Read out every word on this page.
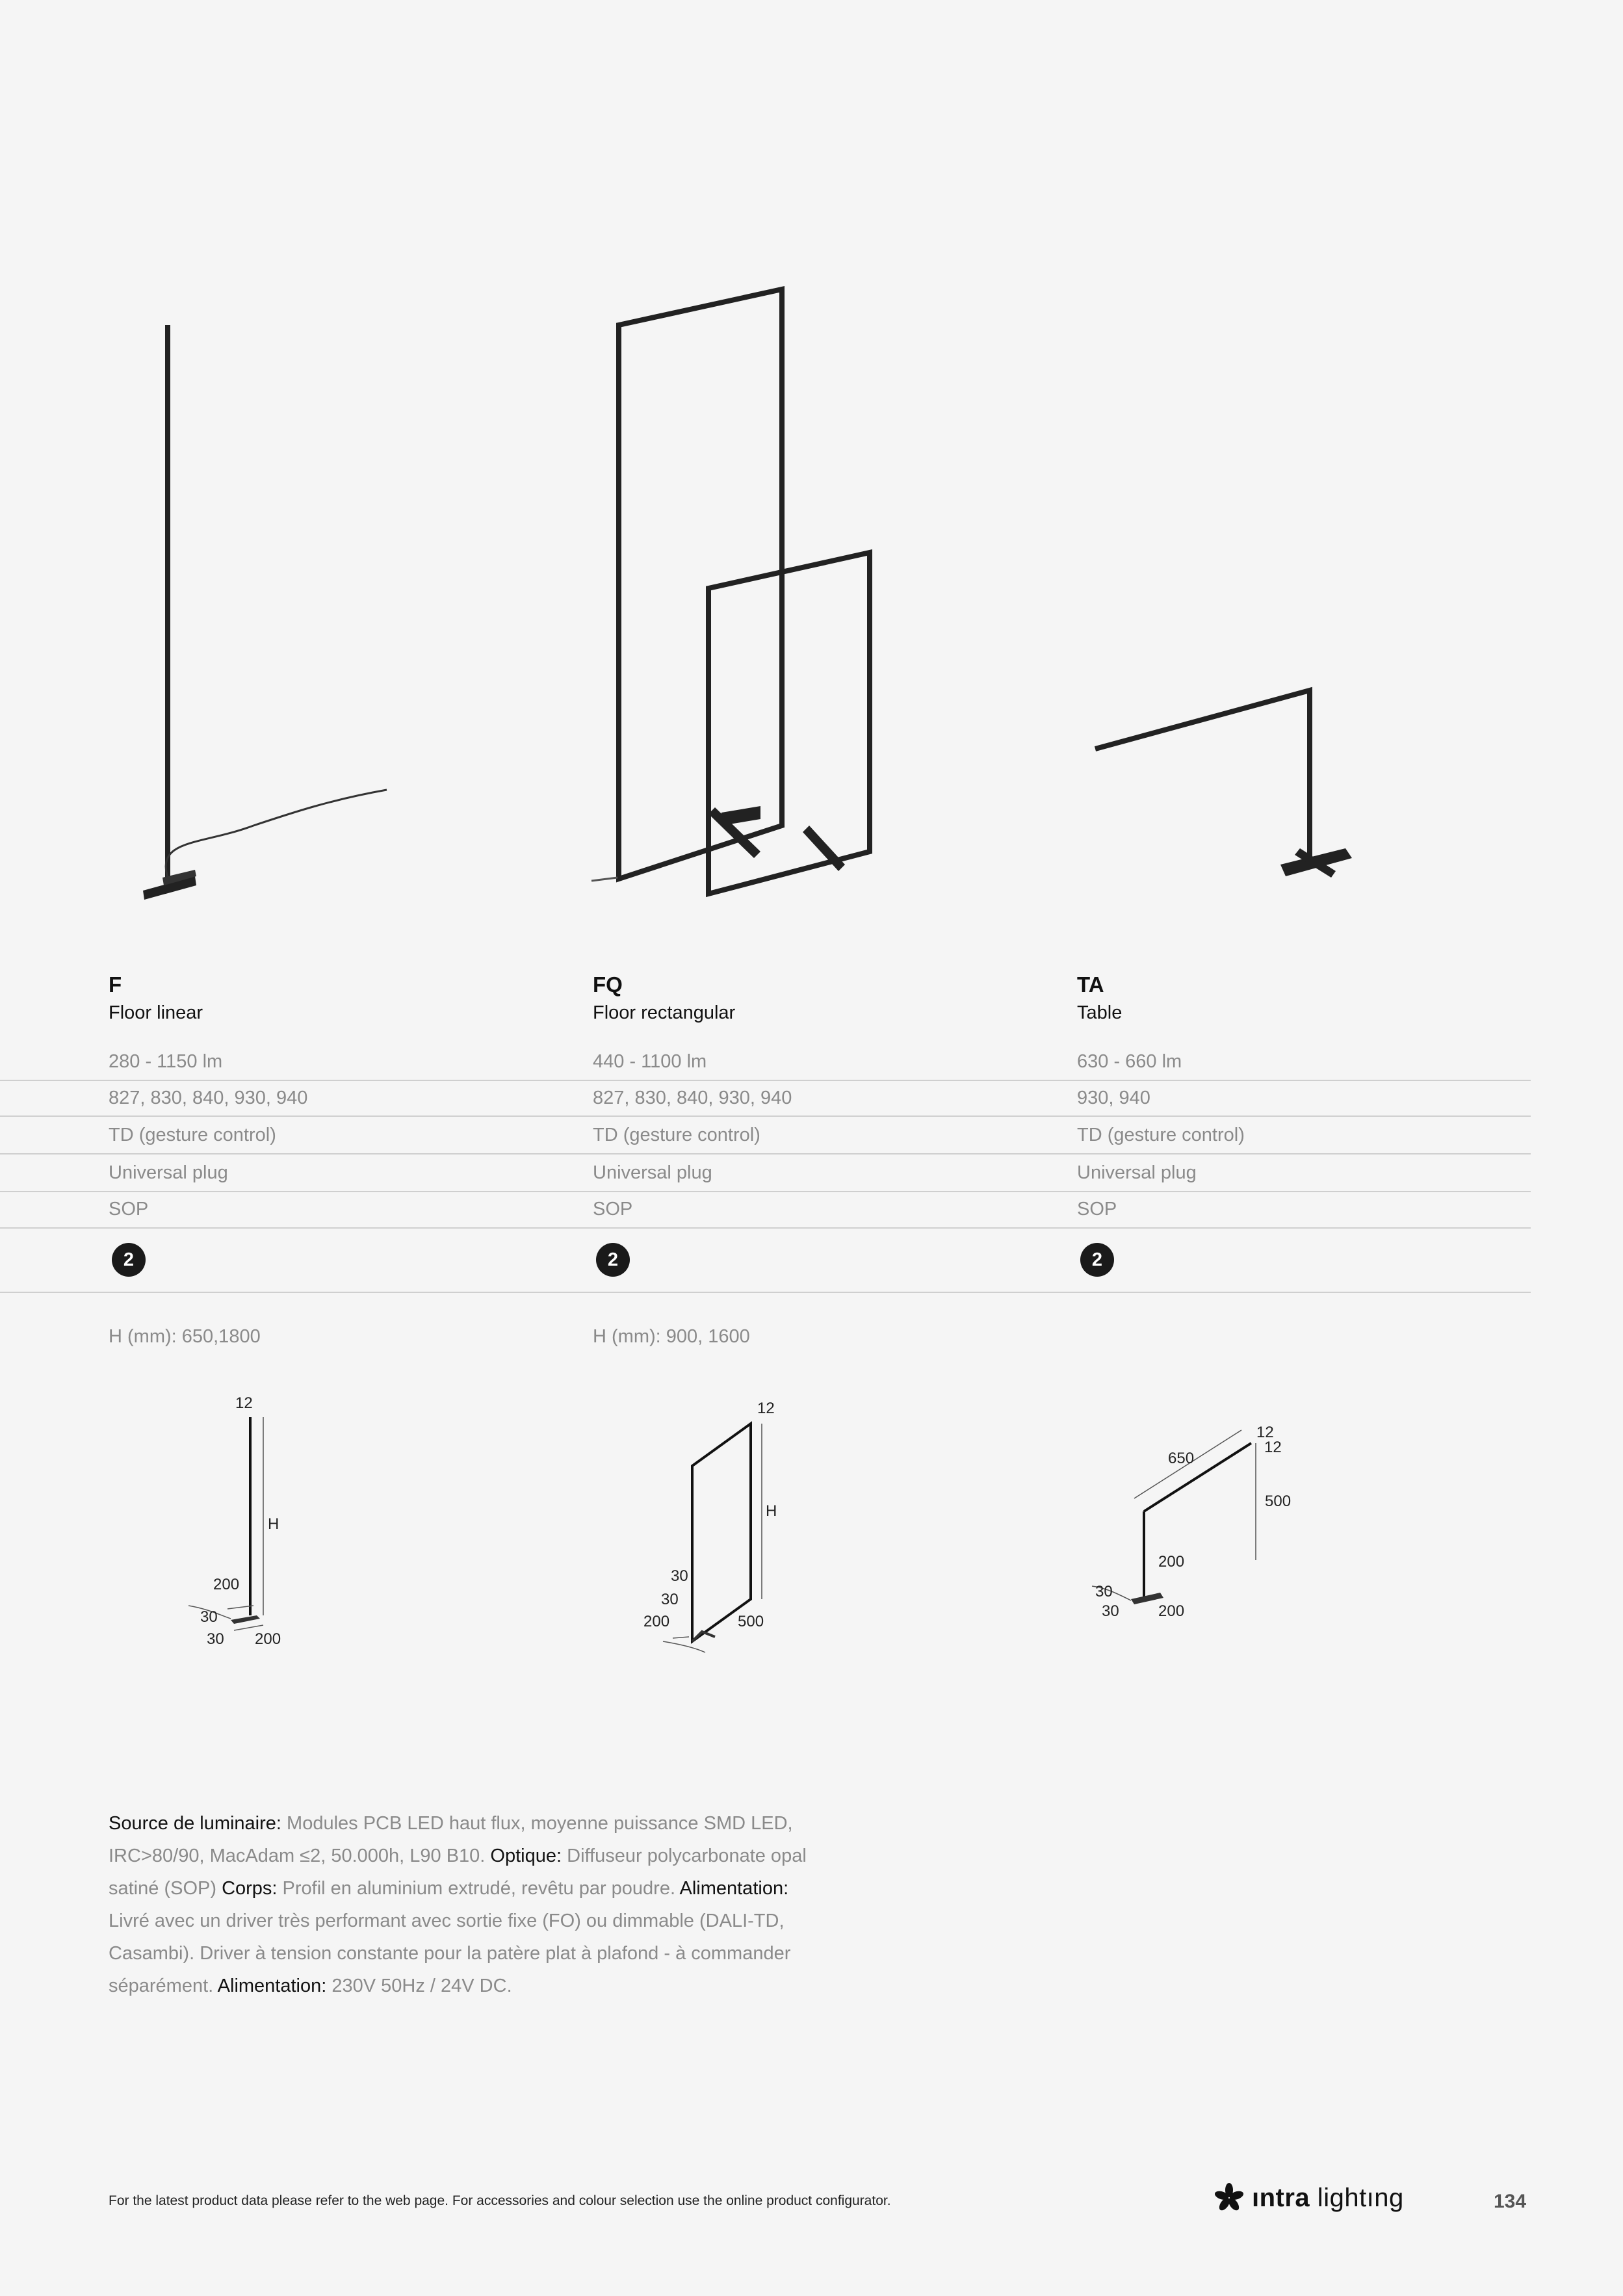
F
Floor linear
FQ
Floor rectangular
TA
Table
280 - 1150 lm	440 - 1100 lm	630 - 660 lm
827, 830, 840, 930, 940	827, 830, 840, 930, 940	930, 940
TD (gesture control)	TD (gesture control)	TD (gesture control)
Universal plug	Universal plug	Universal plug
SOP	SOP	SOP
2	2	2
H (mm): 650,1800	H (mm): 900, 1600
12
H
200
30
30 200
12
H
30
30
200	500
12
12
650
500
200
30
30	200
Source de luminaire: Modules PCB LED haut flux, moyenne puissance SMD LED, IRC>80/90, MacAdam ≤2, 50.000h, L90 B10. Optique: Diffuseur polycarbonate opal satiné (SOP) Corps: Profil en aluminium extrudé, revêtu par poudre. Alimentation: Livré avec un driver très performant avec sortie fixe (FO) ou dimmable (DALI-TD, Casambi). Driver à tension constante pour la patère plat à plafond - à commander séparément. Alimentation: 230V 50Hz / 24V DC.
For the latest product data please refer to the web page. For accessories and colour selection use the online product configurator.	ıntra lightıng	134
